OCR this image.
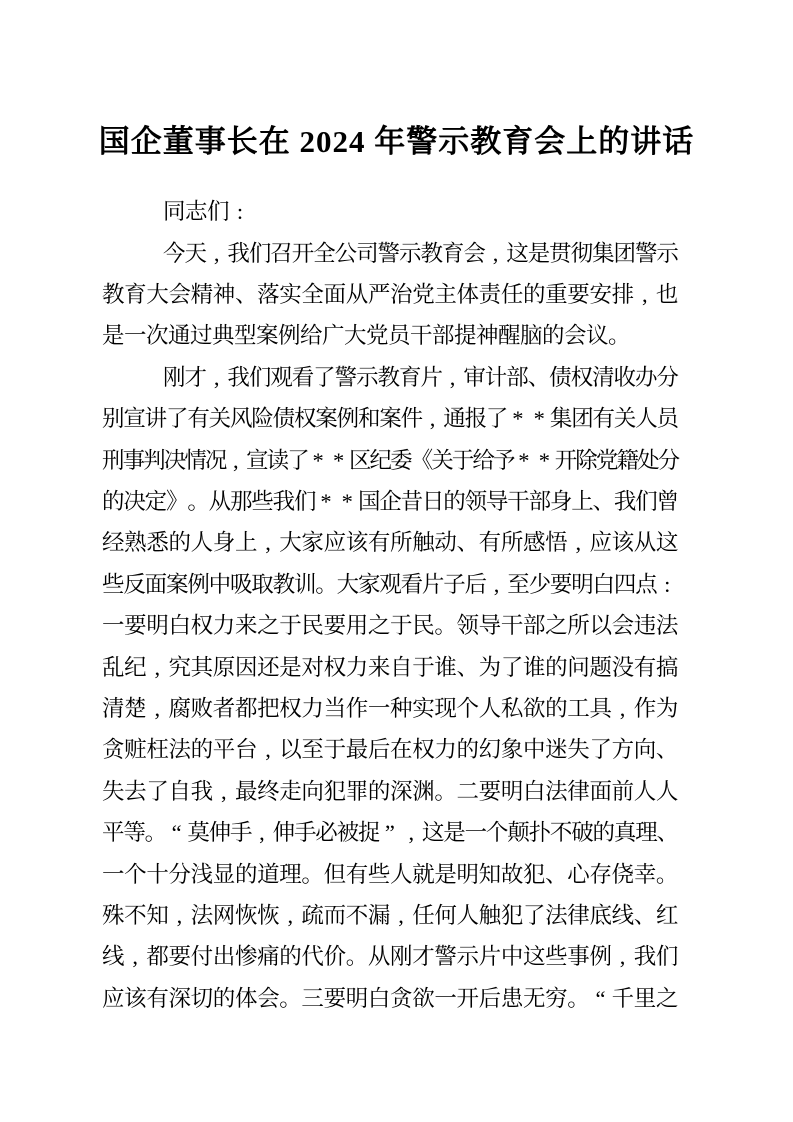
国企董事长在 2024 年警示教育会上的讲话
同 志 们 :
今
天 , 我
们
召
开
全
公
司
警
示
教
育
会 , 这
是
贯
彻
集
团
警
示
教 育 大 会 精 神 、 落 实 全 面 从 严 治 党 主 体 责 任 的 重 要 安 排 , 也
是 一 次 通 过 典 型 案 例 给 广 大 党 员 干 部 提 神 醒 脑 的 会 议 。
刚
才 , 我
们
观
看
了
警
示
教
育
片 , 审
计
部
、
债
权
清
收
办
分
别
宣
讲
了
有
关
风
险
债
权
案
例
和
案
件 , 通
报
了 * * 集
团
有
关
人
员
刑
事
判
决
情
况 , 宣
读
了 * * 区
纪
委
《
关
于
给
予 * * 开
除
党
籍
处
分
的
决
定
》
。
从
那
些
我
们 * * 国
企
昔
日
的
领
导
干
部
身
上
、
我
们
曾
经 熟 悉 的 人 身 上 , 大 家 应 该 有 所 触 动 、 有 所 感 悟 , 应 该 从 这
些
反
面
案
例
中
吸
取
教
训
。
大
家
观
看
片
子
后 , 至
少
要
明
白
四
点 :
一 要 明 白 权 力 来 之 于 民 要 用 之 于 民 。 领 导 干 部 之 所 以 会 违 法
乱 纪 , 究 其 原 因 还 是 对 权 力 来 自 于 谁 、 为 了 谁 的 问 题 没 有 搞
清 楚 , 腐 败 者 都 把 权 力 当 作 一 种 实 现 个 人 私 欲 的 工 具 , 作 为
贪 赃 枉 法 的 平 台 , 以 至 于 最 后 在 权 力 的 幻 象 中 迷 失 了 方 向 、
失 去 了 自 我 , 最 终 走 向 犯 罪 的 深 渊 。 二 要 明 白 法 律 面 前 人 人
平
等
。 “ 莫
伸
手 , 伸
手
必
被
捉 ” , 这
是
一
个
颠
扑
不
破
的
真
理
、
一 个 十 分 浅 显 的 道 理 。 但 有 些 人 就 是 明 知 故 犯 、 心 存 侥 幸 。
殊 不 知 , 法 网 恢 恢 , 疏 而 不 漏 , 任 何 人 触 犯 了 法 律 底 线 、 红
线 , 都 要 付 出 惨 痛 的 代 价 。 从 刚 才 警 示 片 中 这 些 事 例 , 我 们
应 该 有 深 切 的 体 会 。 三 要 明 白 贪 欲 一 开 后 患 无 穷 。 “ 千 里 之
